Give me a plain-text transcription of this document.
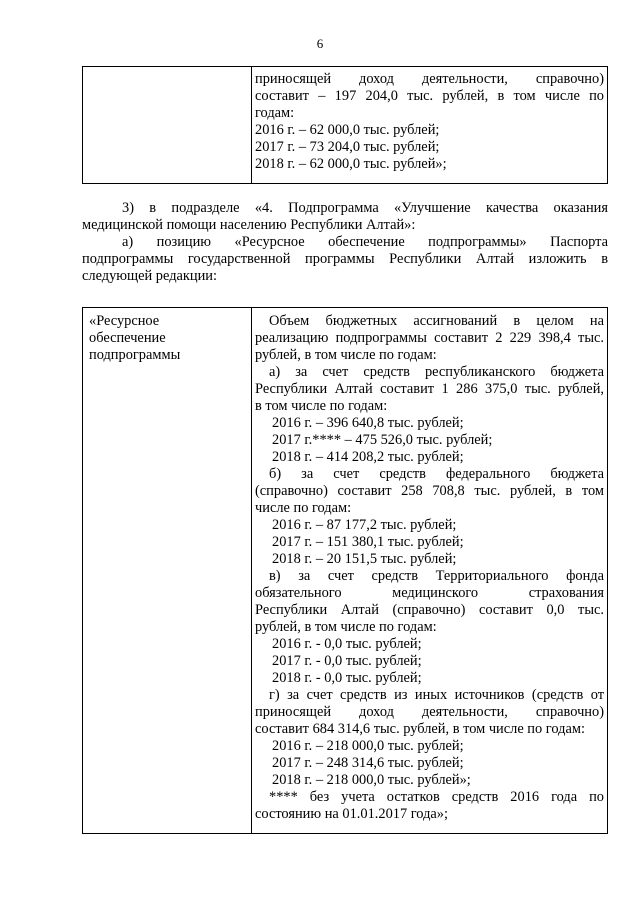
6

приносящей доход деятельности, справочно)
составит – 197 204,0 тыс. рублей, в том числе по
годам:
2016 г. – 62 000,0 тыс. рублей;
2017 г. – 73 204,0 тыс. рублей;
2018 г. – 62 000,0 тыс. рублей»;
3) в подразделе «4. Подпрограмма «Улучшение качества оказания
медицинской помощи населению Республики Алтай»:
а) позицию «Ресурсное обеспечение подпрограммы» Паспорта
подпрограммы государственной программы Республики Алтай изложить в
следующей редакции:
«Ресурсное
обеспечение
подпрограммы

Объем бюджетных ассигнований в целом на
реализацию подпрограммы составит 2 229 398,4 тыс.
рублей, в том числе по годам:
а) за счет средств республиканского бюджета
Республики Алтай составит 1 286 375,0 тыс. рублей,
в том числе по годам:
2016 г. – 396 640,8 тыс. рублей;
2017 г.**** – 475 526,0 тыс. рублей;
2018 г. – 414 208,2 тыс. рублей;
б) за счет средств федерального бюджета
(справочно) составит 258 708,8 тыс. рублей, в том
числе по годам:
2016 г. – 87 177,2 тыс. рублей;
2017 г. – 151 380,1 тыс. рублей;
2018 г. – 20 151,5 тыс. рублей;
в) за счет средств Территориального фонда
обязательного медицинского страхования
Республики Алтай (справочно) составит 0,0 тыс.
рублей, в том числе по годам:
2016 г. - 0,0 тыс. рублей;
2017 г. - 0,0 тыс. рублей;
2018 г. - 0,0 тыс. рублей;
г) за счет средств из иных источников (средств от
приносящей доход деятельности, справочно)
составит 684 314,6 тыс. рублей, в том числе по годам:
2016 г. – 218 000,0 тыс. рублей;
2017 г. – 248 314,6 тыс. рублей;
2018 г. – 218 000,0 тыс. рублей»;
**** без учета остатков средств 2016 года по
состоянию на 01.01.2017 года»;
